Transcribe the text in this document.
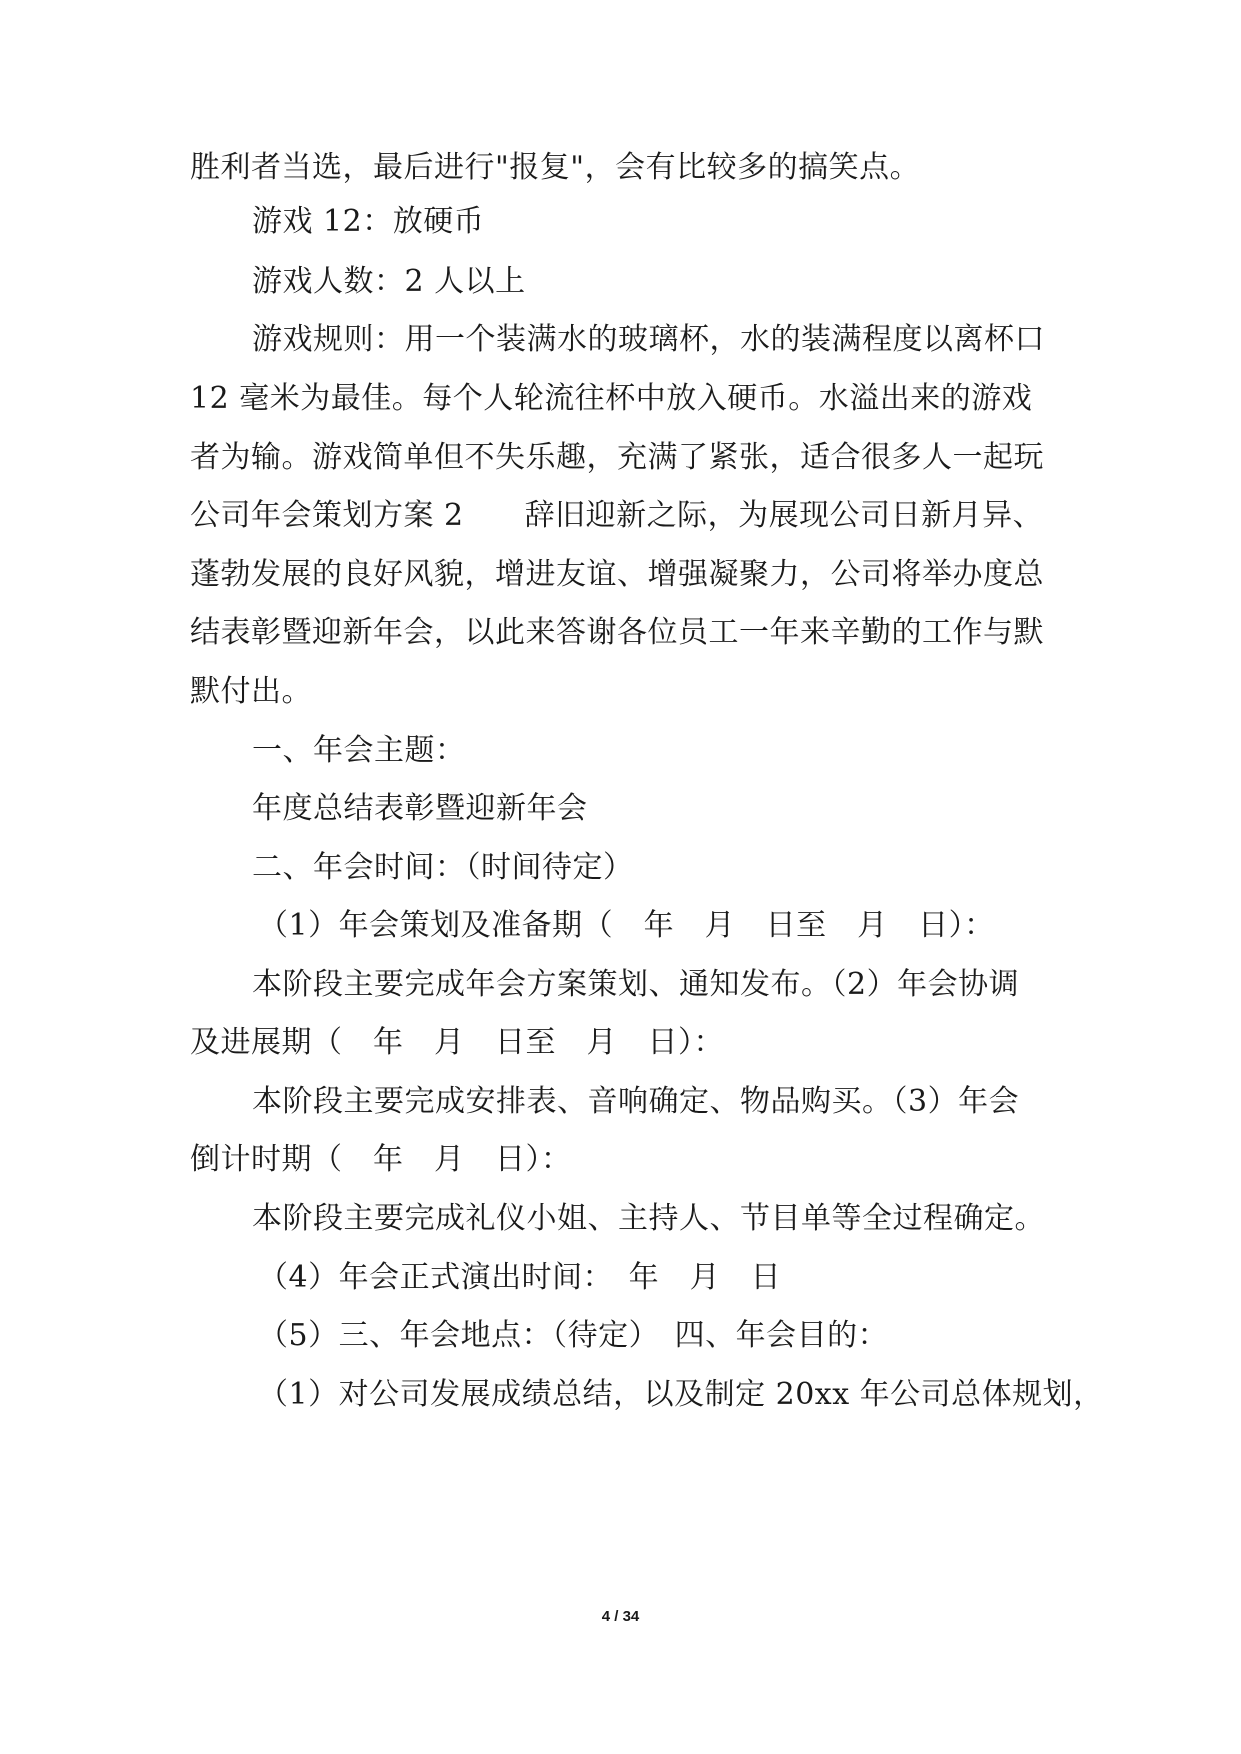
胜利者当选，最后进行"报复"，会有比较多的搞笑点。
游戏 12：放硬币
游戏人数：2 人以上
游戏规则：用一个装满水的玻璃杯，水的装满程度以离杯口
12 毫米为最佳。每个人轮流往杯中放入硬币。水溢出来的游戏
者为输。游戏简单但不失乐趣，充满了紧张，适合很多人一起玩
公司年会策划方案 2　　辞旧迎新之际，为展现公司日新月异、
蓬勃发展的良好风貌，增进友谊、增强凝聚力，公司将举办度总
结表彰暨迎新年会，以此来答谢各位员工一年来辛勤的工作与默
默付出。
一、年会主题：
年度总结表彰暨迎新年会
二、年会时间：（时间待定）
（1）年会策划及准备期（　年　月　日至　月　日）：
本阶段主要完成年会方案策划、通知发布。（2）年会协调
及进展期（　年　月　日至　月　日）：
本阶段主要完成安排表、音响确定、物品购买。（3）年会
倒计时期（　年　月　日）：
本阶段主要完成礼仪小姐、主持人、节目单等全过程确定。
（4）年会正式演出时间：　年　月　日
（5）三、年会地点：（待定）　四、年会目的：
（1）对公司发展成绩总结，以及制定 20xx 年公司总体规划，
4 / 34
